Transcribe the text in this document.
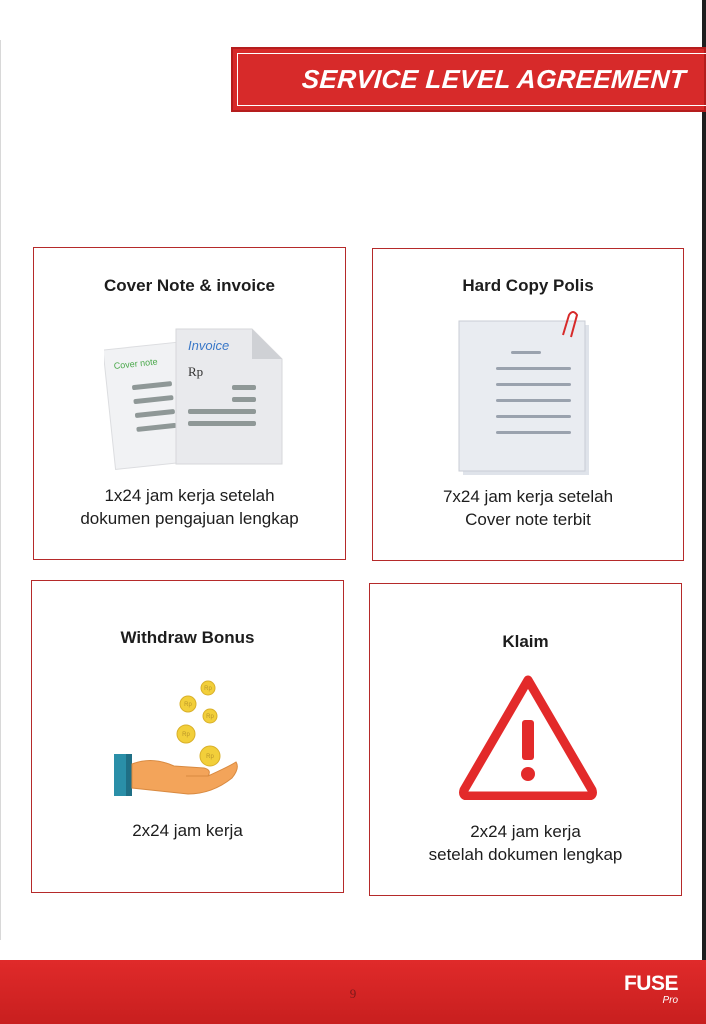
SERVICE LEVEL AGREEMENT
Cover Note & invoice
Cover note
Invoice
Rp
1x24 jam kerja setelah
dokumen pengajuan lengkap
Hard Copy Polis
7x24 jam kerja setelah
Cover note terbit
Withdraw Bonus
Rp
Rp
Rp
Rp
Rp
2x24 jam kerja
Klaim
2x24 jam kerja
setelah dokumen lengkap
9	FUSE
Pro
